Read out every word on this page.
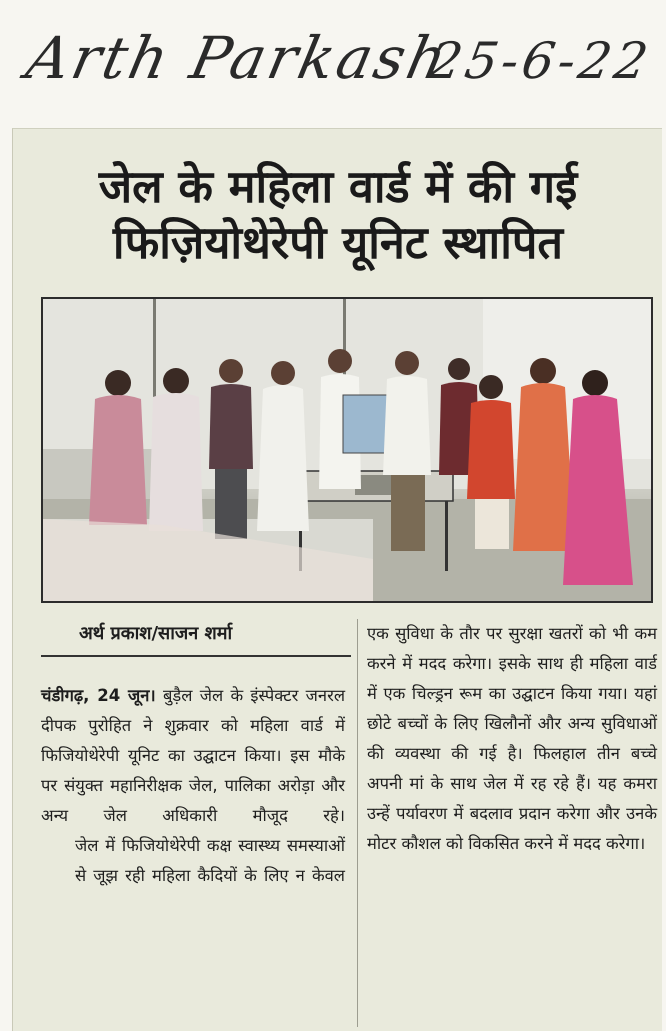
Arth Parkash
25-6-22
जेल के महिला वार्ड में की गई
फिज़ियोथेरेपी यूनिट स्थापित
अर्थ प्रकाश/साजन शर्मा

चंडीगढ़, 24 जून। बुड़ैल जेल के इंस्पेक्टर जनरल दीपक पुरोहित ने शुक्रवार को महिला वार्ड में फिजियोथेरेपी यूनिट का उद्घाटन किया। इस मौके पर संयुक्त महानिरीक्षक जेल, पालिका अरोड़ा और अन्य जेल अधिकारी मौजूद रहे।

जेल में फिजियोथेरेपी कक्ष स्वास्थ्य समस्याओं से जूझ रही महिला कैदियों के लिए न केवल

एक सुविधा के तौर पर सुरक्षा खतरों को भी कम करने में मदद करेगा। इसके साथ ही महिला वार्ड में एक चिल्ड्रन रूम का उद्घाटन किया गया। यहां छोटे बच्चों के लिए खिलौनों और अन्य सुविधाओं की व्यवस्था की गई है। फिलहाल तीन बच्चे अपनी मां के साथ जेल में रह रहे हैं। यह कमरा उन्हें पर्यावरण में बदलाव प्रदान करेगा और उनके मोटर कौशल को विकसित करने में मदद करेगा।
